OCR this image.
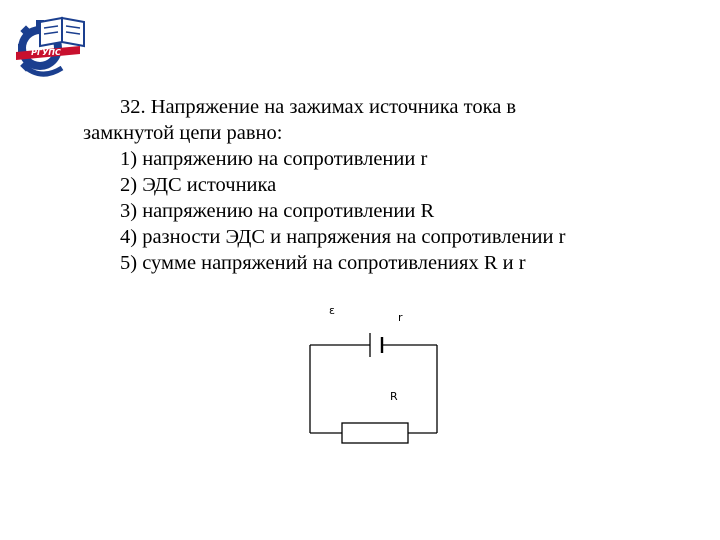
РГУПС
32. Напряжение на зажимах источника тока в
замкнутой цепи равно:
1) напряжению на сопротивлении r
2) ЭДС источника
3) напряжению на сопротивлении R
4) разности ЭДС и напряжения на сопротивлении r
5) сумме напряжений на сопротивлениях R и r
ε
r
R
